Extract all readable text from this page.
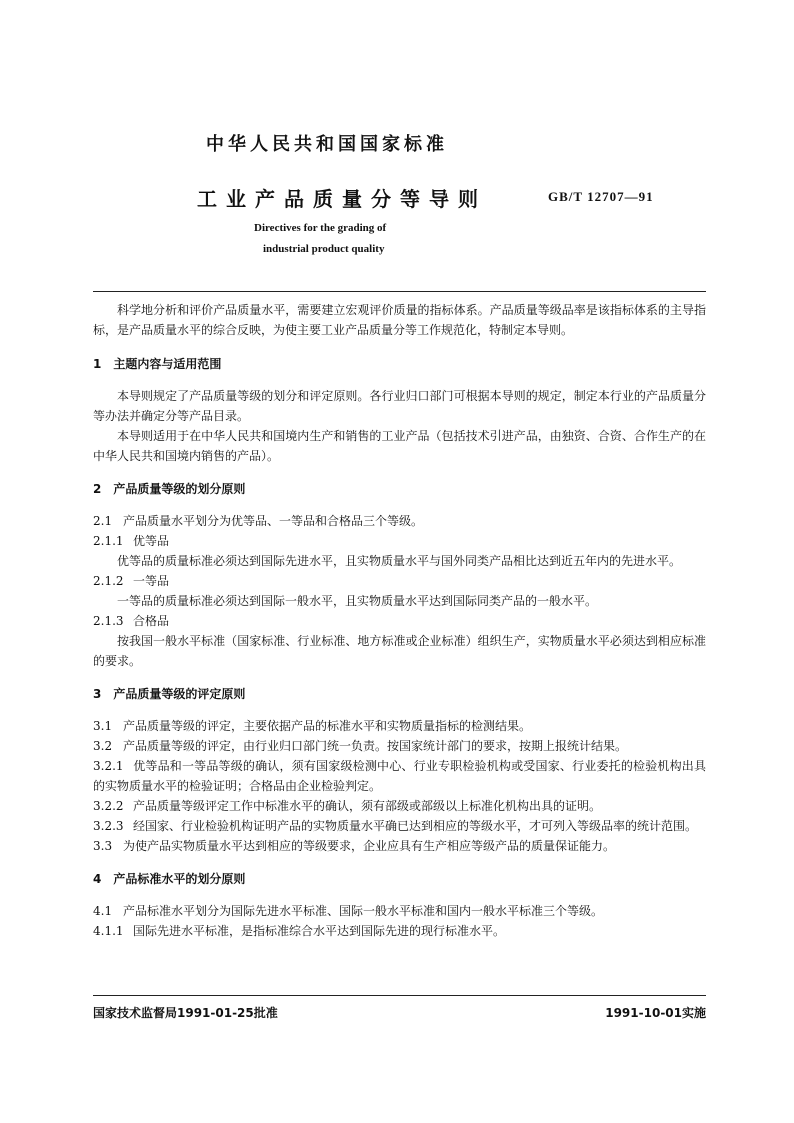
中华人民共和国国家标准
工业产品质量分等导则	GB/T 12707—91
Directives for the grading of
industrial product quality

科学地分析和评价产品质量水平，需要建立宏观评价质量的指标体系。产品质量等级品率是该指标体系的主导指标，是产品质量水平的综合反映，为使主要工业产品质量分等工作规范化，特制定本导则。

1　主题内容与适用范围

本导则规定了产品质量等级的划分和评定原则。各行业归口部门可根据本导则的规定，制定本行业的产品质量分等办法并确定分等产品目录。

本导则适用于在中华人民共和国境内生产和销售的工业产品（包括技术引进产品，由独资、合资、合作生产的在中华人民共和国境内销售的产品）。

2　产品质量等级的划分原则

2.1 产品质量水平划分为优等品、一等品和合格品三个等级。

2.1.1 优等品

优等品的质量标准必须达到国际先进水平，且实物质量水平与国外同类产品相比达到近五年内的先进水平。

2.1.2 一等品

一等品的质量标准必须达到国际一般水平，且实物质量水平达到国际同类产品的一般水平。

2.1.3 合格品

按我国一般水平标准（国家标准、行业标准、地方标准或企业标准）组织生产，实物质量水平必须达到相应标准的要求。

3　产品质量等级的评定原则

3.1 产品质量等级的评定，主要依据产品的标准水平和实物质量指标的检测结果。

3.2 产品质量等级的评定，由行业归口部门统一负责。按国家统计部门的要求，按期上报统计结果。

3.2.1 优等品和一等品等级的确认，须有国家级检测中心、行业专职检验机构或受国家、行业委托的检验机构出具的实物质量水平的检验证明；合格品由企业检验判定。

3.2.2 产品质量等级评定工作中标准水平的确认，须有部级或部级以上标准化机构出具的证明。

3.2.3 经国家、行业检验机构证明产品的实物质量水平确已达到相应的等级水平，才可列入等级品率的统计范围。

3.3 为使产品实物质量水平达到相应的等级要求，企业应具有生产相应等级产品的质量保证能力。

4　产品标准水平的划分原则

4.1 产品标准水平划分为国际先进水平标准、国际一般水平标准和国内一般水平标准三个等级。

4.1.1 国际先进水平标准，是指标准综合水平达到国际先进的现行标准水平。

国家技术监督局1991-01-25批准	1991-10-01实施
